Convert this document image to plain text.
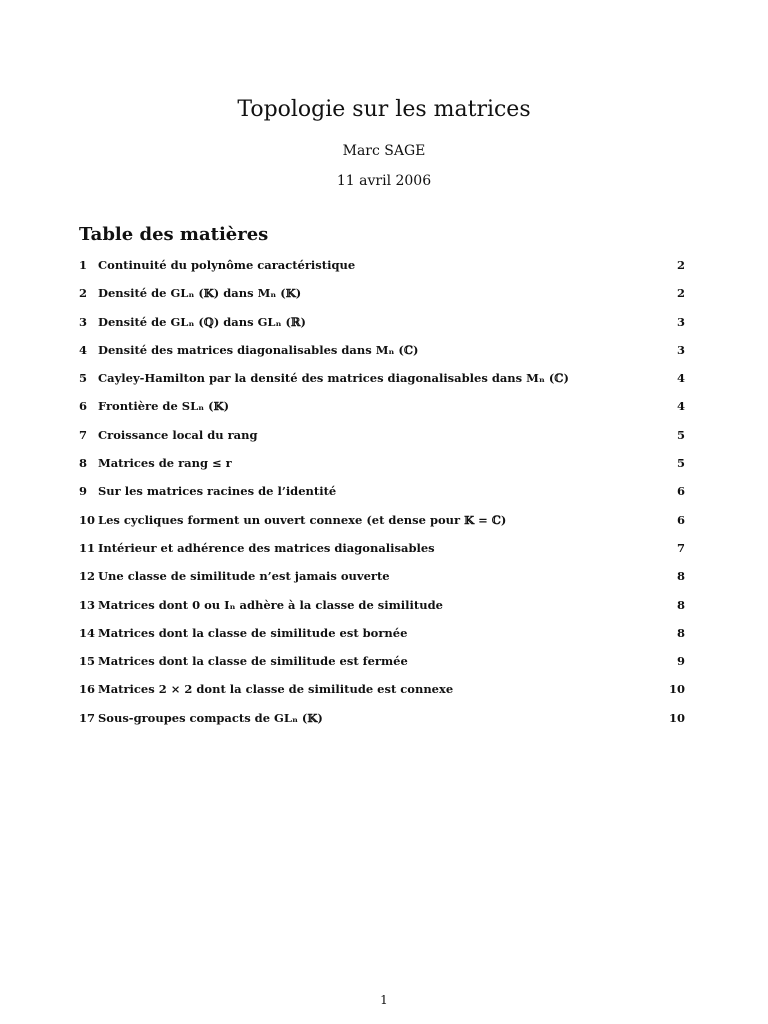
Topologie sur les matrices
Marc SAGE
11 avril 2006
Table des matières
1 Continuité du polynôme caractéristique	2
2 Densité de GLₙ (𝕂) dans Mₙ (𝕂)	2
3 Densité de GLₙ (ℚ) dans GLₙ (ℝ)	3
4 Densité des matrices diagonalisables dans Mₙ (ℂ)	3
5 Cayley-Hamilton par la densité des matrices diagonalisables dans Mₙ (ℂ)	4
6 Frontière de SLₙ (𝕂)	4
7 Croissance local du rang	5
8 Matrices de rang ≤ r	5
9 Sur les matrices racines de l’identité	6
10 Les cycliques forment un ouvert connexe (et dense pour 𝕂 = ℂ)	6
11 Intérieur et adhérence des matrices diagonalisables	7
12 Une classe de similitude n’est jamais ouverte	8
13 Matrices dont 0 ou Iₙ adhère à la classe de similitude	8
14 Matrices dont la classe de similitude est bornée	8
15 Matrices dont la classe de similitude est fermée	9
16 Matrices 2 × 2 dont la classe de similitude est connexe	10
17 Sous-groupes compacts de GLₙ (𝕂)	10
1
